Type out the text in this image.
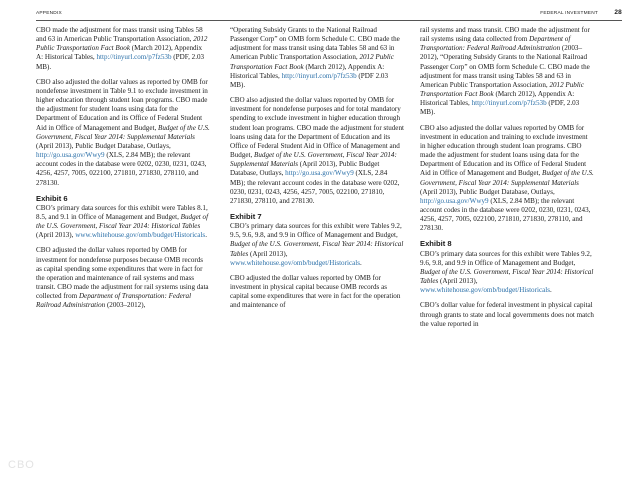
APPENDIX	FEDERAL INVESTMENT	28

CBO made the adjustment for mass transit using Tables 58 and 63 in American Public Transportation Association, 2012 Public Transportation Fact Book (March 2012), Appendix A: Historical Tables, http://tinyurl.com/p7fz53b (PDF, 2.03 MB).

CBO also adjusted the dollar values as reported by OMB for nondefense investment in Table 9.1 to exclude investment in higher education through student loan programs. CBO made the adjustment for student loans using data for the Department of Education and its Office of Federal Student Aid in Office of Management and Budget, Budget of the U.S. Government, Fiscal Year 2014: Supplemental Materials (April 2013), Public Budget Database, Outlays, http://go.usa.gov/Wwy9 (XLS, 2.84 MB); the relevant account codes in the database were 0202, 0230, 0231, 0243, 4256, 4257, 7005, 022100, 271810, 271830, 278110, and 278130.

Exhibit 6

CBO’s primary data sources for this exhibit were Tables 8.1, 8.5, and 9.1 in Office of Management and Budget, Budget of the U.S. Government, Fiscal Year 2014: Historical Tables (April 2013), www.whitehouse.gov/omb/budget/Historicals.

CBO adjusted the dollar values reported by OMB for investment for nondefense purposes because OMB records as capital spending some expenditures that were in fact for the operation and maintenance of rail systems and mass transit. CBO made the adjustment for rail systems using data collected from Department of Transportation: Federal Railroad Administration (2003–2012),

“Operating Subsidy Grants to the National Railroad Passenger Corp” on OMB form Schedule C. CBO made the adjustment for mass transit using data Tables 58 and 63 in American Public Transportation Association, 2012 Public Transportation Fact Book (March 2012), Appendix A: Historical Tables, http://tinyurl.com/p7fz53b (PDF 2.03 MB).

CBO also adjusted the dollar values reported by OMB for investment for nondefense purposes and for total mandatory spending to exclude investment in higher education through student loan programs. CBO made the adjustment for student loans using data for the Department of Education and its Office of Federal Student Aid in Office of Management and Budget, Budget of the U.S. Government, Fiscal Year 2014: Supplemental Materials (April 2013), Public Budget Database, Outlays, http://go.usa.gov/Wwy9 (XLS, 2.84 MB); the relevant account codes in the database were 0202, 0230, 0231, 0243, 4256, 4257, 7005, 022100, 271810, 271830, 278110, and 278130.

Exhibit 7

CBO’s primary data sources for this exhibit were Tables 9.2, 9.5, 9.6, 9.8, and 9.9 in Office of Management and Budget, Budget of the U.S. Government, Fiscal Year 2014: Historical Tables (April 2013), www.whitehouse.gov/omb/budget/Historicals.

CBO adjusted the dollar values reported by OMB for investment in physical capital because OMB records as capital some expenditures that were in fact for the operation and maintenance of

rail systems and mass transit. CBO made the adjustment for rail systems using data collected from Department of Transportation: Federal Railroad Administration (2003–2012), “Operating Subsidy Grants to the National Railroad Passenger Corp” on OMB form Schedule C. CBO made the adjustment for mass transit using Tables 58 and 63 in American Public Transportation Association, 2012 Public Transportation Fact Book (March 2012), Appendix A: Historical Tables, http://tinyurl.com/p7fz53b (PDF, 2.03 MB).

CBO also adjusted the dollar values reported by OMB for investment in education and training to exclude investment in higher education through student loan programs. CBO made the adjustment for student loans using data for the Department of Education and its Office of Federal Student Aid in Office of Management and Budget, Budget of the U.S. Government, Fiscal Year 2014: Supplemental Materials (April 2013), Public Budget Database, Outlays, http://go.usa.gov/Wwy9 (XLS, 2.84 MB); the relevant account codes in the database were 0202, 0230, 0231, 0243, 4256, 4257, 7005, 022100, 271810, 271830, 278110, and 278130.

Exhibit 8

CBO’s primary data sources for this exhibit were Tables 9.2, 9.6, 9.8, and 9.9 in Office of Management and Budget, Budget of the U.S. Government, Fiscal Year 2014: Historical Tables (April 2013), www.whitehouse.gov/omb/budget/Historicals.

CBO’s dollar value for federal investment in physical capital through grants to state and local governments does not match the value reported in

CBO
